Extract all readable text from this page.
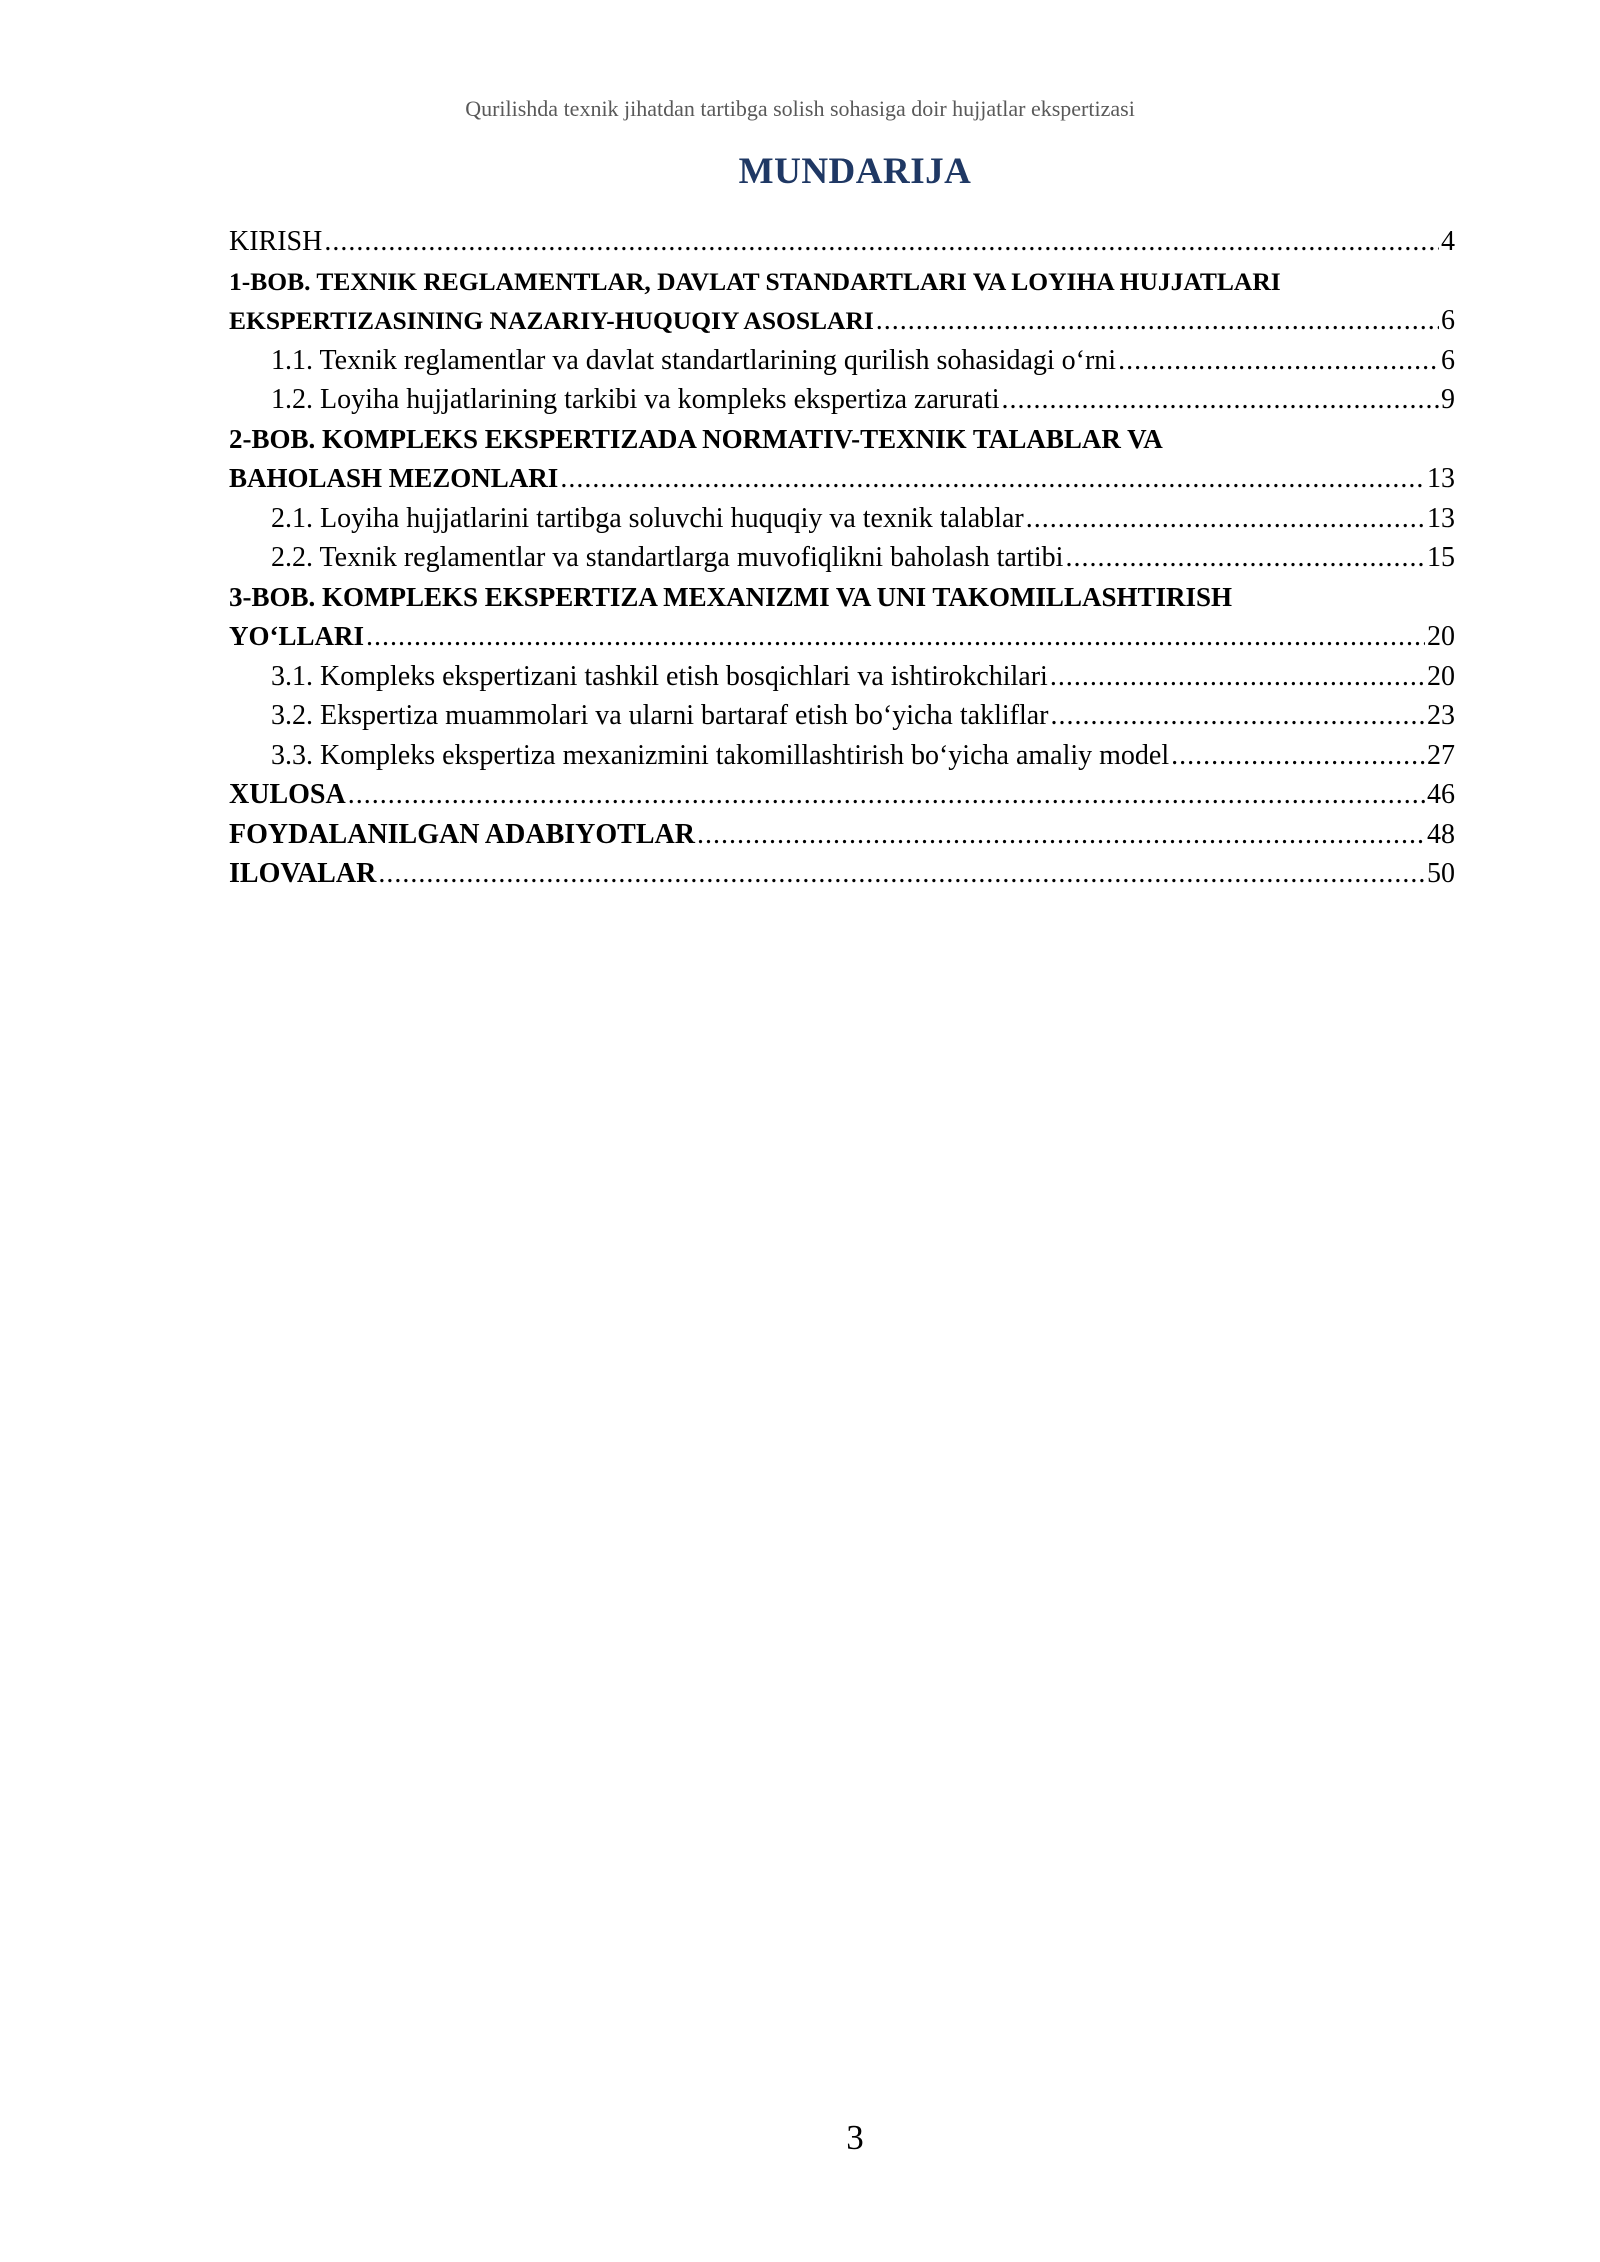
Qurilishda texnik jihatdan tartibga solish sohasiga doir hujjatlar ekspertizasi
MUNDARIJA
KIRISH .....	4
1-BOB. TEXNIK REGLAMENTLAR, DAVLAT STANDARTLARI VA LOYIHA HUJJATLARI
EKSPERTIZASINING NAZARIY-HUQUQIY ASOSLARI .....	6
1.1. Texnik reglamentlar va davlat standartlarining qurilish sohasidagi o‘rni .....	6
1.2. Loyiha hujjatlarining tarkibi va kompleks ekspertiza zarurati .....	9
2-BOB. KOMPLEKS EKSPERTIZADA NORMATIV-TEXNIK TALABLAR VA
BAHOLASH MEZONLARI .....	13
2.1. Loyiha hujjatlarini tartibga soluvchi huquqiy va texnik talablar .....	13
2.2. Texnik reglamentlar va standartlarga muvofiqlikni baholash tartibi .....	15
3-BOB. KOMPLEKS EKSPERTIZA MEXANIZMI VA UNI TAKOMILLASHTIRISH
YO‘LLARI .....	20
3.1. Kompleks ekspertizani tashkil etish bosqichlari va ishtirokchilari .....	20
3.2. Ekspertiza muammolari va ularni bartaraf etish bo‘yicha takliflar .....	23
3.3. Kompleks ekspertiza mexanizmini takomillashtirish bo‘yicha amaliy model .....	27
XULOSA .....	46
FOYDALANILGAN ADABIYOTLAR .....	48
ILOVALAR .....	50
3
